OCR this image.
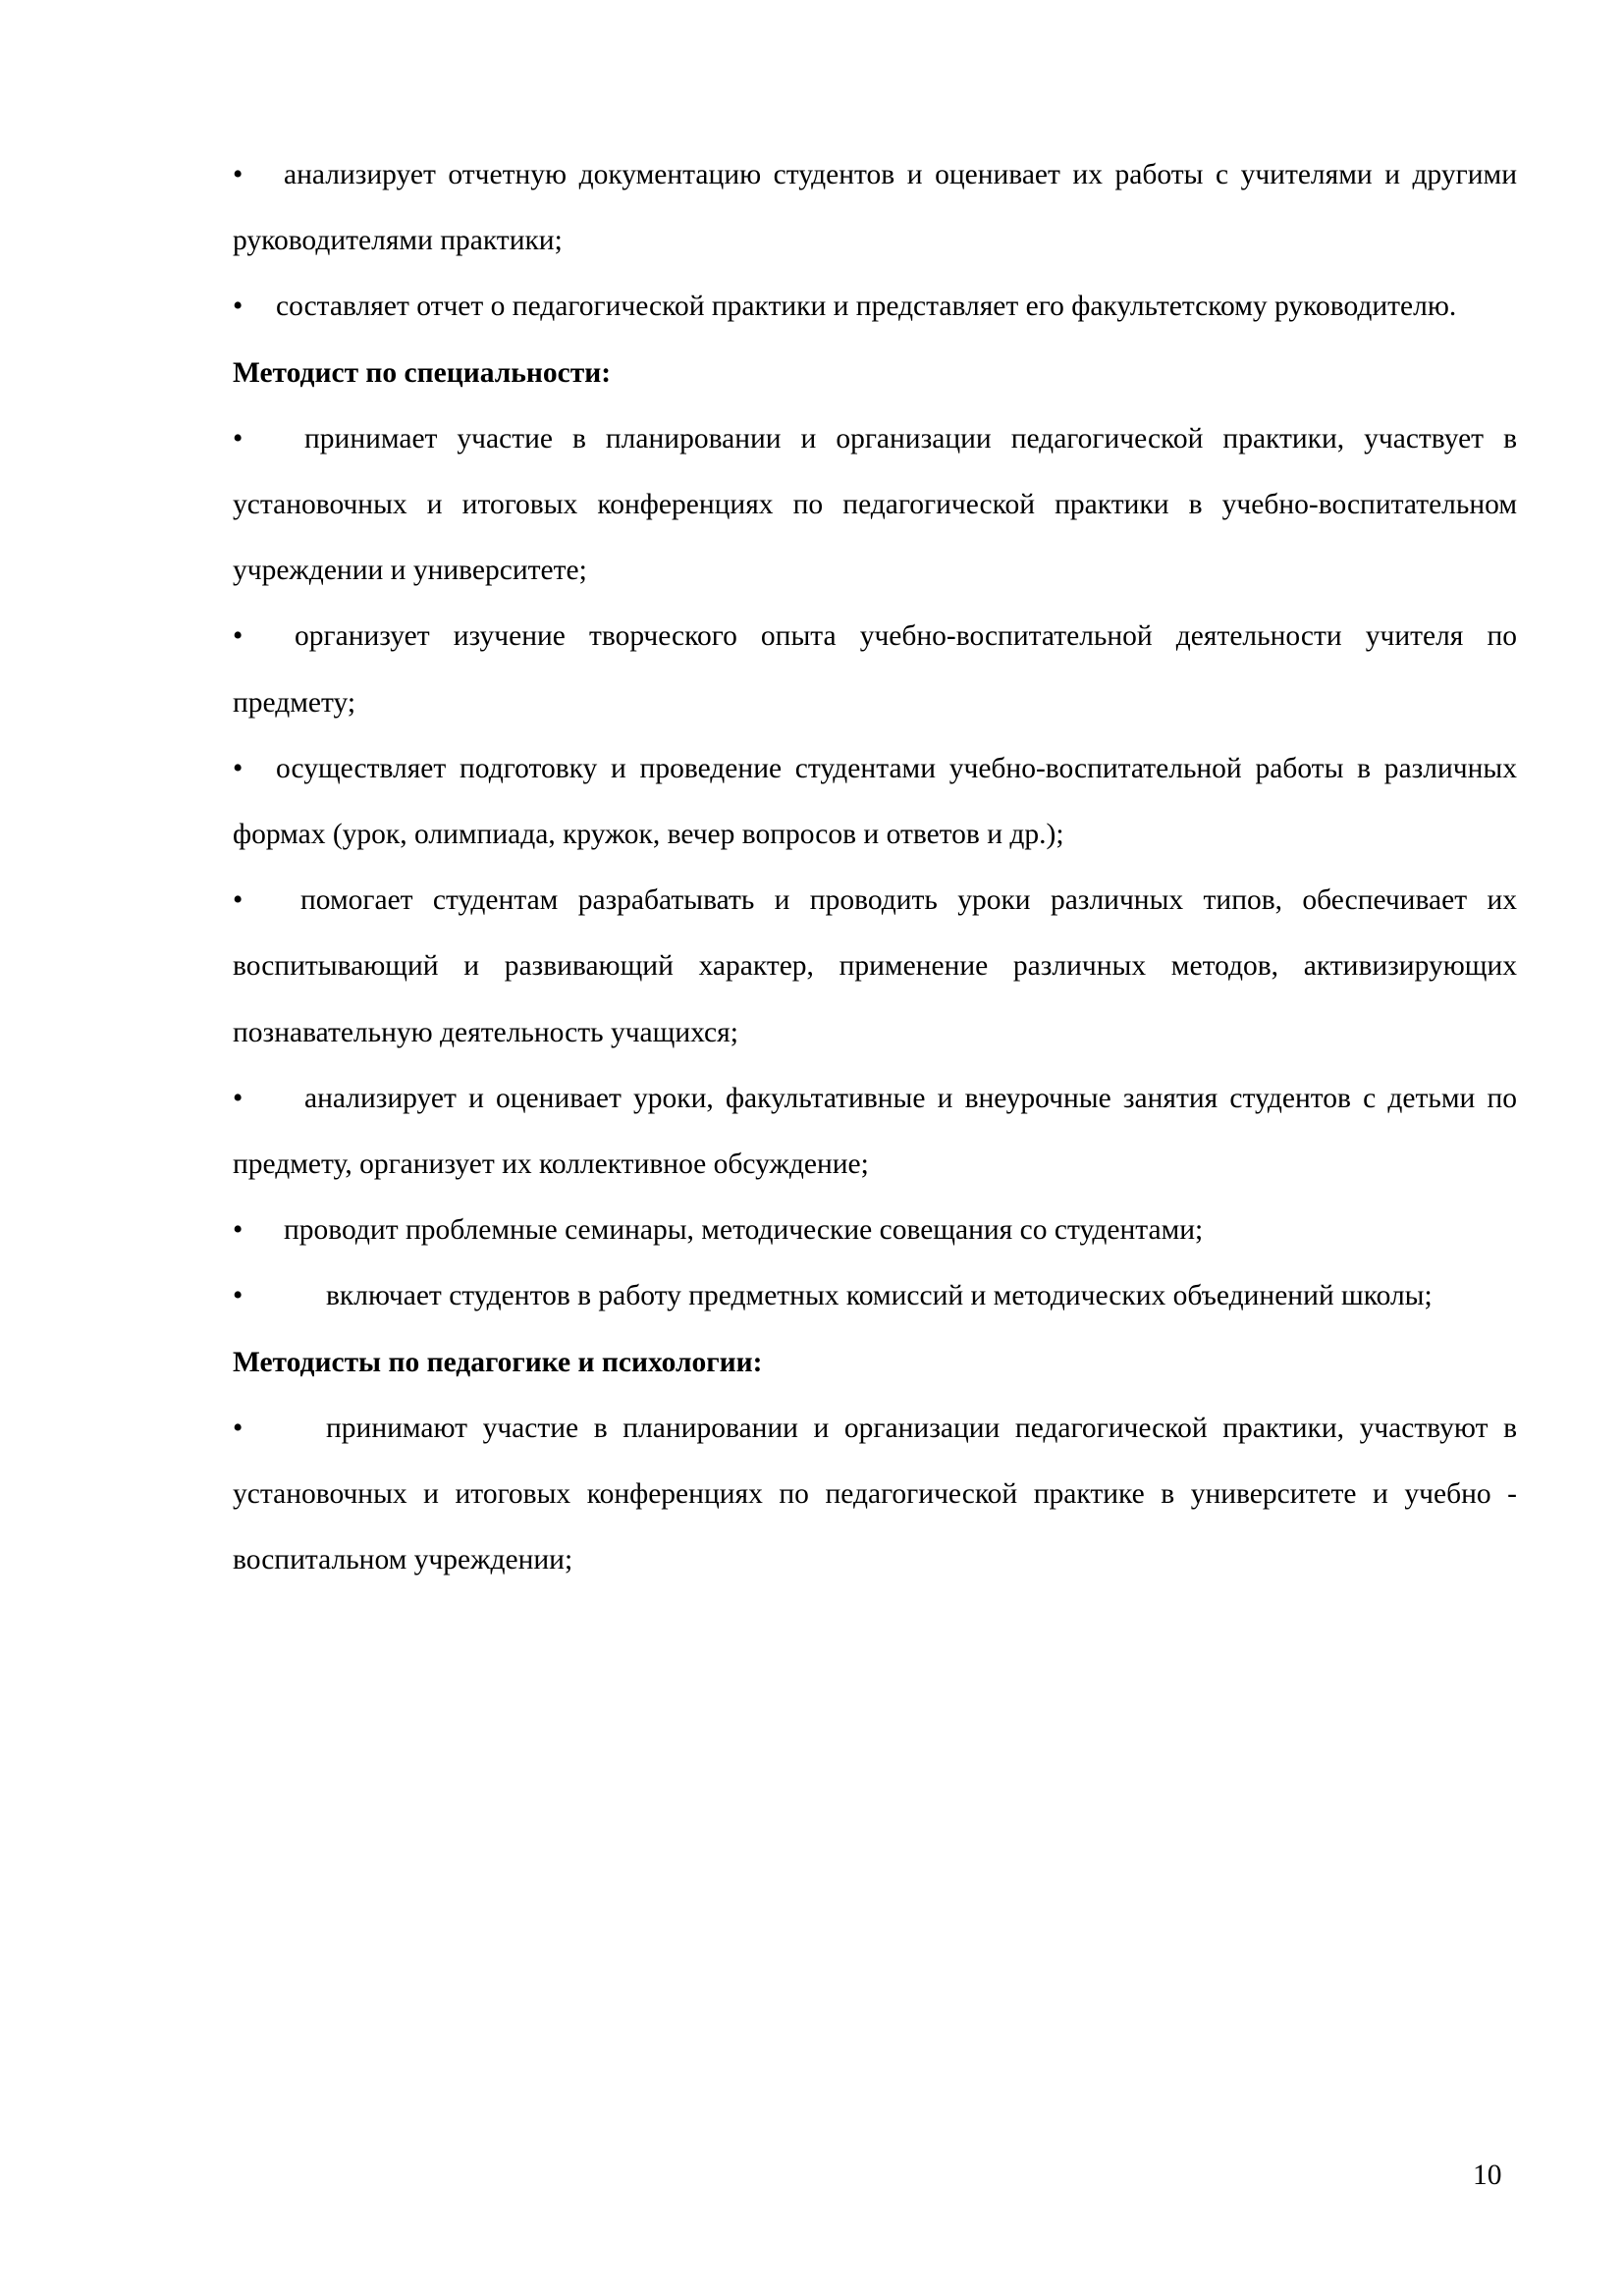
• анализирует отчетную документацию студентов и оценивает их работы с учителями и другими руководителями практики;

• составляет отчет о педагогической практики и представляет его факультетскому руководителю.

Методист по специальности:

• принимает участие в планировании и организации педагогической практики, участвует в установочных и итоговых конференциях по педагогической практики в учебно-воспитательном учреждении и университете;

• организует изучение творческого опыта учебно-воспитательной деятельности учителя по предмету;

• осуществляет подготовку и проведение студентами учебно-воспитательной работы в различных формах (урок, олимпиада, кружок, вечер вопросов и ответов и др.);

• помогает студентам разрабатывать и проводить уроки различных типов, обеспечивает их воспитывающий и развивающий характер, применение различных методов, активизирующих познавательную деятельность учащихся;

• анализирует и оценивает уроки, факультативные и внеурочные занятия студентов с детьми по предмету, организует их коллективное обсуждение;

• проводит проблемные семинары, методические совещания со студентами;

•	включает студентов в работу предметных комиссий и методических объединений школы;

Методисты по педагогике и психологии:

•	принимают участие в планировании и организации педагогической практики, участвуют в установочных и итоговых конференциях по педагогической практике в университете и учебно - воспитальном учреждении;

10
